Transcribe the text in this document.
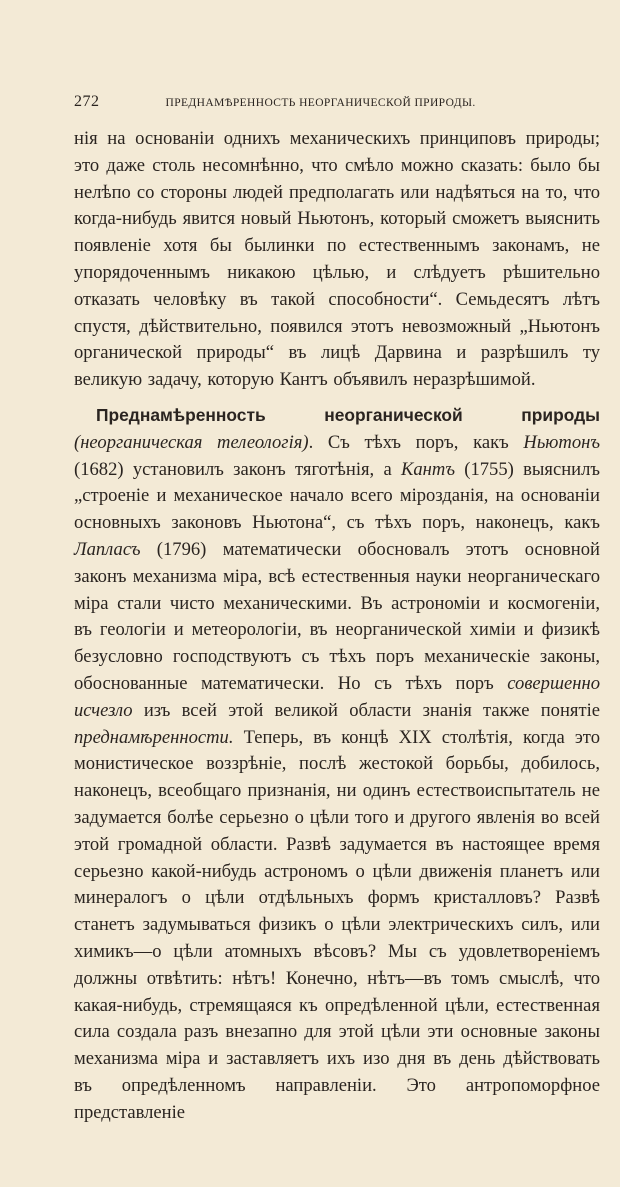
272	ПРЕДНАМѢРЕННОСТЬ НЕОРГАНИЧЕСКОЙ ПРИРОДЫ.

нія на основаніи однихъ механическихъ принциповъ природы; это даже столь несомнѣнно, что смѣло можно сказать: было бы нелѣпо со стороны людей предполагать или надѣяться на то, что когда-нибудь явится новый Ньютонъ, который сможетъ выяснить появленіе хотя бы былинки по естественнымъ законамъ, не упорядоченнымъ никакою цѣлью, и слѣдуетъ рѣшительно отказать человѣку въ такой способности“. Семьдесятъ лѣтъ спустя, дѣйствительно, появился этотъ невозможный „Ньютонъ органической природы“ въ лицѣ Дарвина и разрѣшилъ ту великую задачу, которую Кантъ объявилъ неразрѣшимой.

Преднамѣренность неорганической природы (неорганическая телеологія). Съ тѣхъ поръ, какъ Ньютонъ (1682) установилъ законъ тяготѣнія, а Кантъ (1755) выяснилъ „строеніе и механическое начало всего мірозданія, на основаніи основныхъ законовъ Ньютона“, съ тѣхъ поръ, наконецъ, какъ Лапласъ (1796) математически обосновалъ этотъ основной законъ механизма міра, всѣ естественныя науки неорганическаго міра стали чисто механическими. Въ астрономіи и космогеніи, въ геологіи и метеорологіи, въ неорганической химіи и физикѣ безусловно господствуютъ съ тѣхъ поръ механическіе законы, обоснованные математически. Но съ тѣхъ поръ совершенно исчезло изъ всей этой великой области знанія также понятіе преднамѣренности. Теперь, въ концѣ XIX столѣтія, когда это монистическое воззрѣніе, послѣ жестокой борьбы, добилось, наконецъ, всеобщаго признанія, ни одинъ естествоиспытатель не задумается болѣе серьезно о цѣли того и другого явленія во всей этой громадной области. Развѣ задумается въ настоящее время серьезно какой-нибудь астрономъ о цѣли движенія планетъ или минералогъ о цѣли отдѣльныхъ формъ кристалловъ? Развѣ станетъ задумываться физикъ о цѣли электрическихъ силъ, или химикъ—о цѣли атомныхъ вѣсовъ? Мы съ удовлетвореніемъ должны отвѣтить: нѣтъ! Конечно, нѣтъ—въ томъ смыслѣ, что какая-нибудь, стремящаяся къ опредѣленной цѣли, естественная сила создала разъ внезапно для этой цѣли эти основные законы механизма міра и заставляетъ ихъ изо дня въ день дѣйствовать въ опредѣленномъ направленіи. Это антропоморфное представленіе
